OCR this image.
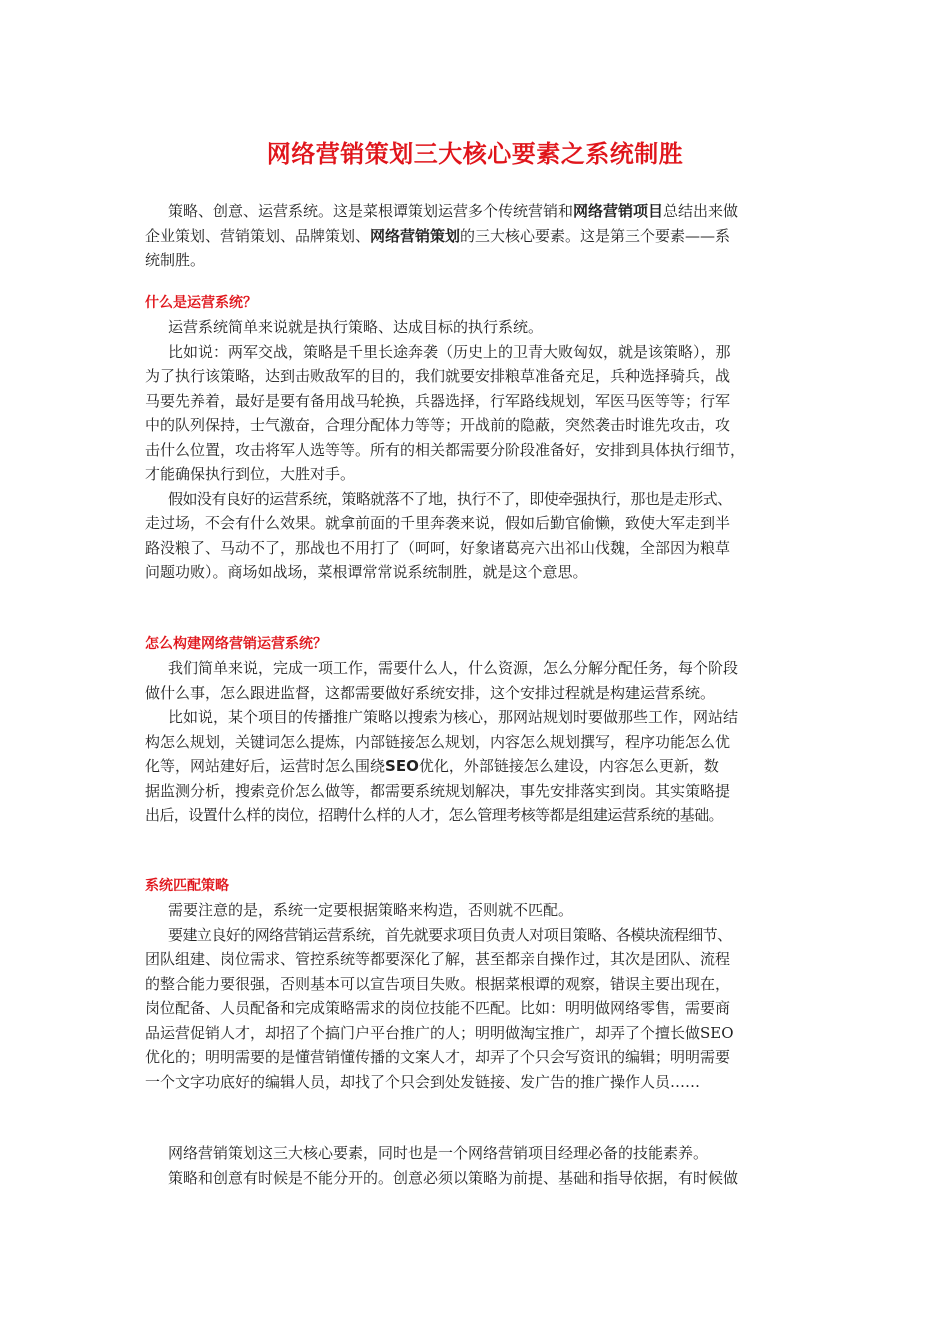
网络营销策划三大核心要素之系统制胜
策略、创意、运营系统。这是菜根谭策划运营多个传统营销和网络营销项目总结出来做
企业策划、营销策划、品牌策划、网络营销策划的三大核心要素。这是第三个要素——系
统制胜。
什么是运营系统？
运营系统简单来说就是执行策略、达成目标的执行系统。
比如说：两军交战，策略是千里长途奔袭（历史上的卫青大败匈奴，就是该策略），那
为了执行该策略，达到击败敌军的目的，我们就要安排粮草准备充足，兵种选择骑兵，战
马要先养着，最好是要有备用战马轮换，兵器选择，行军路线规划，军医马医等等；行军
中的队列保持，士气激奋，合理分配体力等等；开战前的隐蔽，突然袭击时谁先攻击，攻
击什么位置，攻击将军人选等等。所有的相关都需要分阶段准备好，安排到具体执行细节，
才能确保执行到位，大胜对手。
假如没有良好的运营系统，策略就落不了地，执行不了，即使牵强执行，那也是走形式、
走过场，不会有什么效果。就拿前面的千里奔袭来说，假如后勤官偷懒，致使大军走到半
路没粮了、马动不了，那战也不用打了（呵呵，好象诸葛亮六出祁山伐魏，全部因为粮草
问题功败）。商场如战场，菜根谭常常说系统制胜，就是这个意思。
怎么构建网络营销运营系统？
我们简单来说，完成一项工作，需要什么人，什么资源，怎么分解分配任务，每个阶段
做什么事，怎么跟进监督，这都需要做好系统安排，这个安排过程就是构建运营系统。
比如说，某个项目的传播推广策略以搜索为核心，那网站规划时要做那些工作，网站结
构怎么规划，关键词怎么提炼，内部链接怎么规划，内容怎么规划撰写，程序功能怎么优
化等，网站建好后，运营时怎么围绕SEO优化，外部链接怎么建设，内容怎么更新，数
据监测分析，搜索竞价怎么做等，都需要系统规划解决，事先安排落实到岗。其实策略提
出后，设置什么样的岗位，招聘什么样的人才，怎么管理考核等都是组建运营系统的基础。
系统匹配策略
需要注意的是，系统一定要根据策略来构造，否则就不匹配。
要建立良好的网络营销运营系统，首先就要求项目负责人对项目策略、各模块流程细节、
团队组建、岗位需求、管控系统等都要深化了解，甚至都亲自操作过，其次是团队、流程
的整合能力要很强，否则基本可以宣告项目失败。根据菜根谭的观察，错误主要出现在，
岗位配备、人员配备和完成策略需求的岗位技能不匹配。比如：明明做网络零售，需要商
品运营促销人才，却招了个搞门户平台推广的人；明明做淘宝推广，却弄了个擅长做SEO
优化的；明明需要的是懂营销懂传播的文案人才，却弄了个只会写资讯的编辑；明明需要
一个文字功底好的编辑人员，却找了个只会到处发链接、发广告的推广操作人员……
网络营销策划这三大核心要素，同时也是一个网络营销项目经理必备的技能素养。
策略和创意有时候是不能分开的。创意必须以策略为前提、基础和指导依据，有时候做
